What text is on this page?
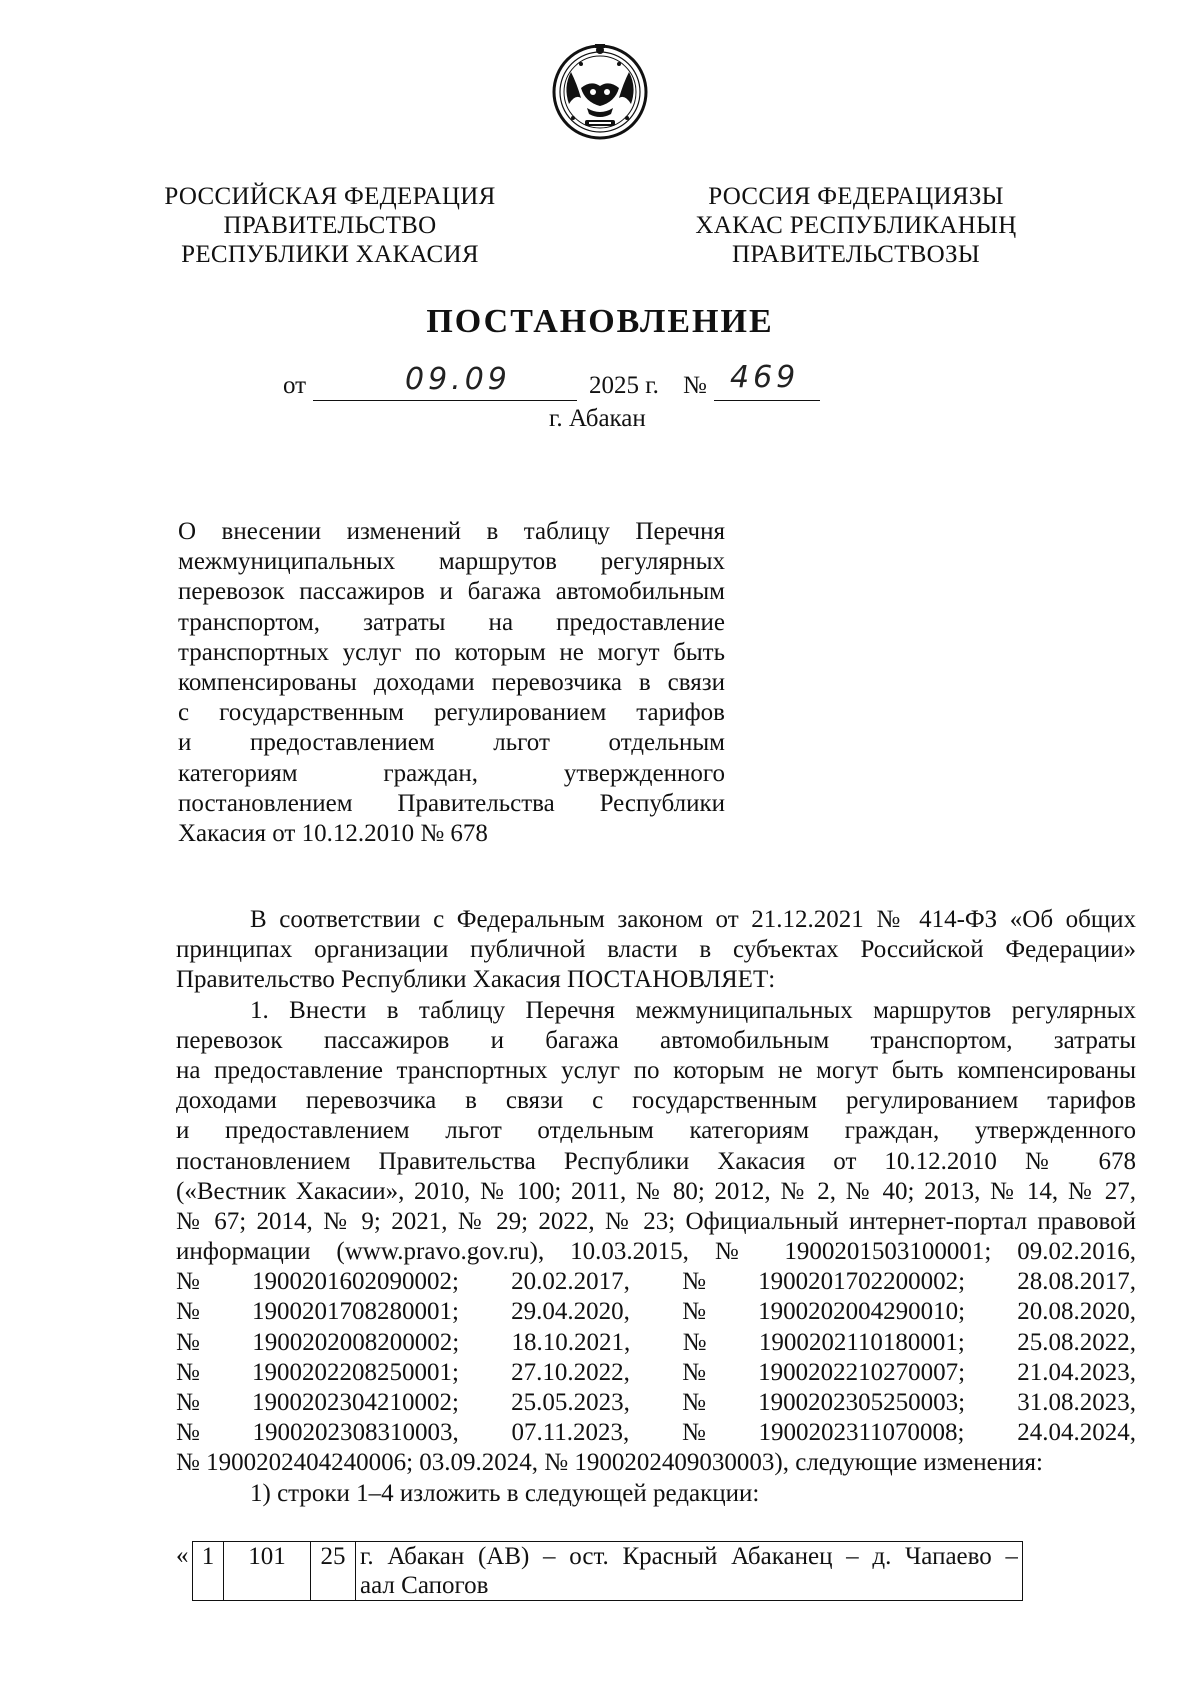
РОССИЙСКАЯ ФЕДЕРАЦИЯ
ПРАВИТЕЛЬСТВО
РЕСПУБЛИКИ ХАКАСИЯ
РОССИЯ ФЕДЕРАЦИЯЗЫ
ХАКАС РЕСПУБЛИКАНЫҢ
ПРАВИТЕЛЬСТВОЗЫ
ПОСТАНОВЛЕНИЕ
от	09.09	2025 г. № 469
г. Абакан
О внесении изменений в таблицу Перечня
межмуниципальных маршрутов регулярных
перевозок пассажиров и багажа автомобильным
транспортом, затраты на предоставление
транспортных услуг по которым не могут быть
компенсированы доходами перевозчика в связи
с государственным регулированием тарифов
и предоставлением льгот отдельным
категориям граждан, утвержденного
постановлением Правительства Республики
Хакасия от 10.12.2010 № 678
В соответствии с Федеральным законом от 21.12.2021 № 414-ФЗ «Об общих
принципах организации публичной власти в субъектах Российской Федерации»
Правительство Республики Хакасия ПОСТАНОВЛЯЕТ:
1. Внести в таблицу Перечня межмуниципальных маршрутов регулярных
перевозок пассажиров и багажа автомобильным транспортом, затраты
на предоставление транспортных услуг по которым не могут быть компенсированы
доходами перевозчика в связи с государственным регулированием тарифов
и предоставлением льгот отдельным категориям граждан, утвержденного
постановлением Правительства Республики Хакасия от 10.12.2010 № 678
(«Вестник Хакасии», 2010, № 100; 2011, № 80; 2012, № 2, № 40; 2013, № 14, № 27,
№ 67; 2014, № 9; 2021, № 29; 2022, № 23; Официальный интернет-портал правовой
информации (www.pravo.gov.ru), 10.03.2015, № 1900201503100001; 09.02.2016,
№ 1900201602090002; 20.02.2017, № 1900201702200002; 28.08.2017,
№ 1900201708280001; 29.04.2020, № 1900202004290010; 20.08.2020,
№ 1900202008200002; 18.10.2021, № 1900202110180001; 25.08.2022,
№ 1900202208250001; 27.10.2022, № 1900202210270007; 21.04.2023,
№ 1900202304210002; 25.05.2023, № 1900202305250003; 31.08.2023,
№ 1900202308310003, 07.11.2023, № 1900202311070008; 24.04.2024,
№ 1900202404240006; 03.09.2024, № 1900202409030003), следующие изменения:
1) строки 1–4 изложить в следующей редакции:
« 1	101	25	г. Абакан (АВ) – ост. Красный Абаканец – д. Чапаево –
аал Сапогов
